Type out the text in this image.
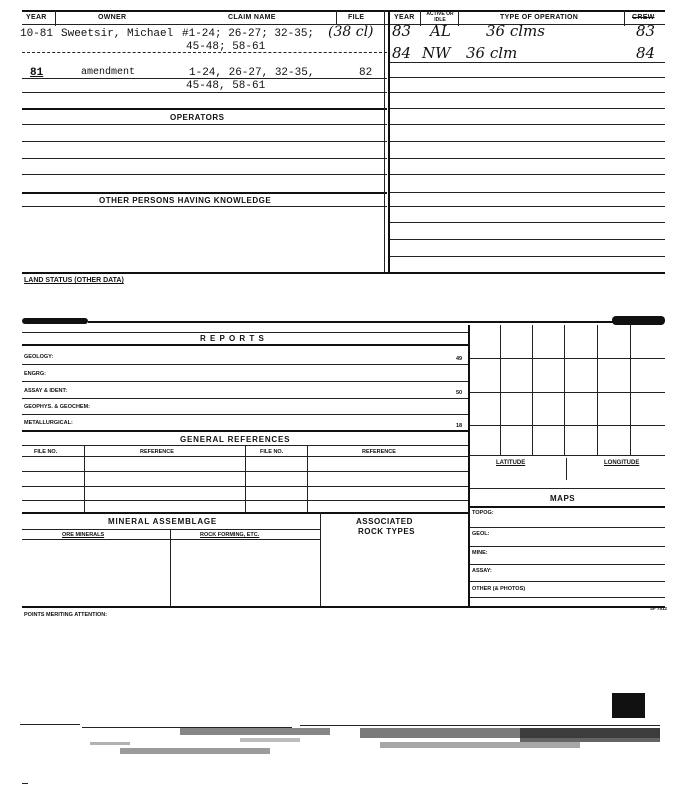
YEAR	OWNER	CLAIM NAME	FILE
10-81 Sweetsir, Michael #1-24; 26-27; 32-35;
45-48; 58-61
(38 cl)
81	amendment	1-24, 26-27, 32-35,
45-48, 58-61
82
OPERATORS
OTHER PERSONS HAVING KNOWLEDGE
YEAR	ACTIVE OR IDLE	TYPE OF OPERATION	CREW
83 AL 36 clms	83
84 NW 36 clm	84
LAND STATUS (OTHER DATA)
R E P O R T S
GEOLOGY:	49
ENGRG:
ASSAY & IDENT:	50
GEOPHYS. & GEOCHEM:
METALLURGICAL:	18
GENERAL REFERENCES
FILE NO.	REFERENCE	FILE NO.	REFERENCE
MINERAL ASSEMBLAGE
ORE MINERALS	ROCK FORMING, ETC.
ASSOCIATED
ROCK TYPES
LATITUDE	LONGITUDE
MAPS
TOPOG:
GEOL:
MINE:
ASSAY:
OTHER (& PHOTOS)
POINTS MERITING ATTENTION:
SF 7512
